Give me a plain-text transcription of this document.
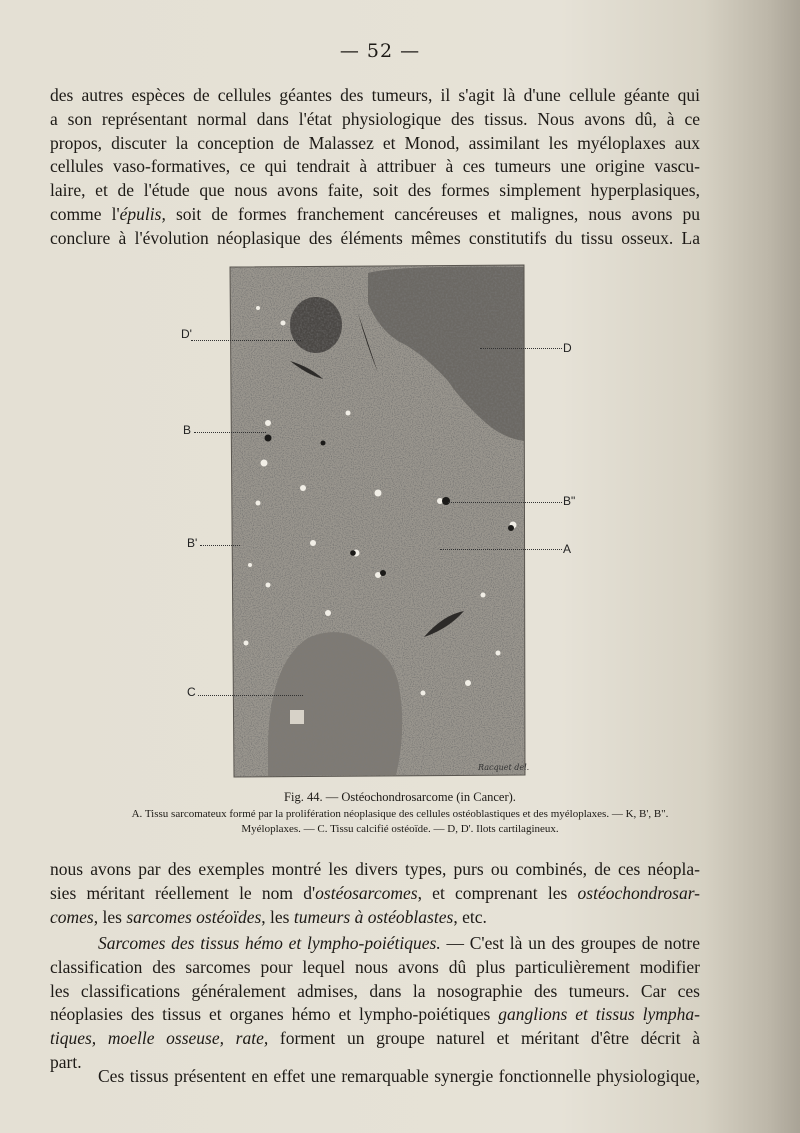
— 52 —

des autres espèces de cellules géantes des tumeurs, il s'agit là d'une cellule géante qui
a son représentant normal dans l'état physiologique des tissus. Nous avons dû, à ce
propos, discuter la conception de Malassez et Monod, assimilant les myéloplaxes aux
cellules vaso-formatives, ce qui tendrait à attribuer à ces tumeurs une origine vascu-
laire, et de l'étude que nous avons faite, soit des formes simplement hyperplasiques,
comme l'épulis, soit de formes franchement cancéreuses et malignes, nous avons pu
conclure à l'évolution néoplasique des éléments mêmes constitutifs du tissu osseux. La

D'
D
B
B"
B'	A
C
Racquet del.
Fig. 44. — Ostéochondrosarcome (in Cancer).
A. Tissu sarcomateux formé par la prolifération néoplasique des cellules ostéoblastiques et des myéloplaxes. — K, B', B".
Myéloplaxes. — C. Tissu calcifié ostéoïde. — D, D'. Ilots cartilagineux.

nous avons par des exemples montré les divers types, purs ou combinés, de ces néopla-
sies méritant réellement le nom d'ostéosarcomes, et comprenant les ostéochondrosar-
comes, les sarcomes ostéoïdes, les tumeurs à ostéoblastes, etc.

Sarcomes des tissus hémo et lympho-poiétiques. — C'est là un des groupes de notre
classification des sarcomes pour lequel nous avons dû plus particulièrement modifier
les classifications généralement admises, dans la nosographie des tumeurs. Car ces
néoplasies des tissus et organes hémo et lympho-poiétiques ganglions et tissus lympha-
tiques, moelle osseuse, rate, forment un groupe naturel et méritant d'être décrit à
part.

Ces tissus présentent en effet une remarquable synergie fonctionnelle physiologique,
